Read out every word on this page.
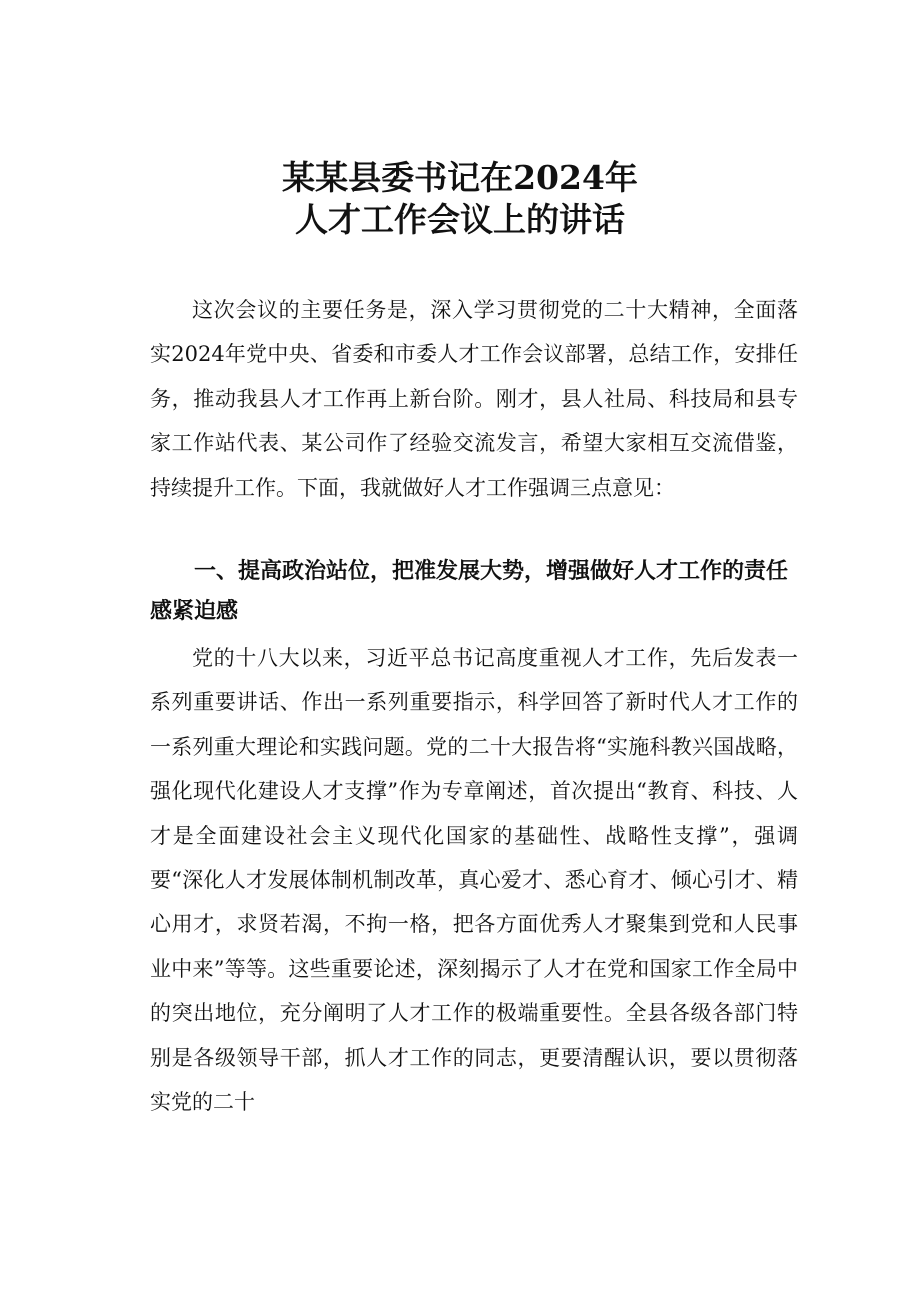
某某县委书记在2024年
人才工作会议上的讲话

这次会议的主要任务是，深入学习贯彻党的二十大精神，全面落实2024年党中央、省委和市委人才工作会议部署，总结工作，安排任务，推动我县人才工作再上新台阶。刚才，县人社局、科技局和县专家工作站代表、某公司作了经验交流发言，希望大家相互交流借鉴，持续提升工作。下面，我就做好人才工作强调三点意见：

一、提高政治站位，把准发展大势，增强做好人才工作的责任感紧迫感

党的十八大以来，习近平总书记高度重视人才工作，先后发表一系列重要讲话、作出一系列重要指示，科学回答了新时代人才工作的一系列重大理论和实践问题。党的二十大报告将“实施科教兴国战略，强化现代化建设人才支撑”作为专章阐述，首次提出“教育、科技、人才是全面建设社会主义现代化国家的基础性、战略性支撑”，强调要“深化人才发展体制机制改革，真心爱才、悉心育才、倾心引才、精心用才，求贤若渴，不拘一格，把各方面优秀人才聚集到党和人民事业中来”等等。这些重要论述，深刻揭示了人才在党和国家工作全局中的突出地位，充分阐明了人才工作的极端重要性。全县各级各部门特别是各级领导干部，抓人才工作的同志，更要清醒认识，要以贯彻落实党的二十
